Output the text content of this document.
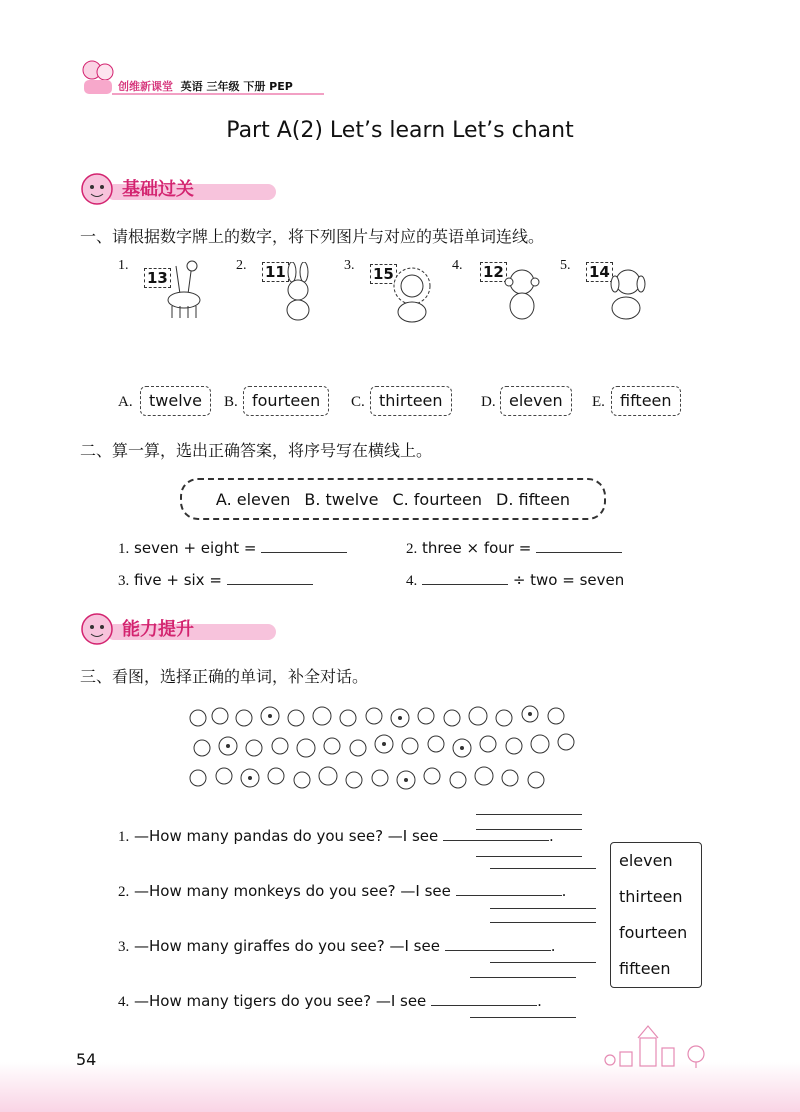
创维新课堂 英语 三年级 下册 PEP
Part A(2) Let’s learn Let’s chant
基础过关
一、请根据数字牌上的数字，将下列图片与对应的英语单词连线。
1.
13
2. 11	3. 15	4. 12	5. 14
A.	twelve	B. fourteen	C. thirteen	D. eleven	E. fifteen
二、算一算，选出正确答案，将序号写在横线上。
A. eleven B. twelve C. fourteen D. fifteen
1. seven + eight =	2. three × four =
3. five + six =	4.	÷ two = seven
能力提升
三、看图，选择正确的单词，补全对话。
1. —How many pandas do you see? —I see	.
2. —How many monkeys do you see? —I see	.
3. —How many giraffes do you see? —I see	.
4. —How many tigers do you see? —I see	.
eleven
thirteen
fourteen
fifteen
54
